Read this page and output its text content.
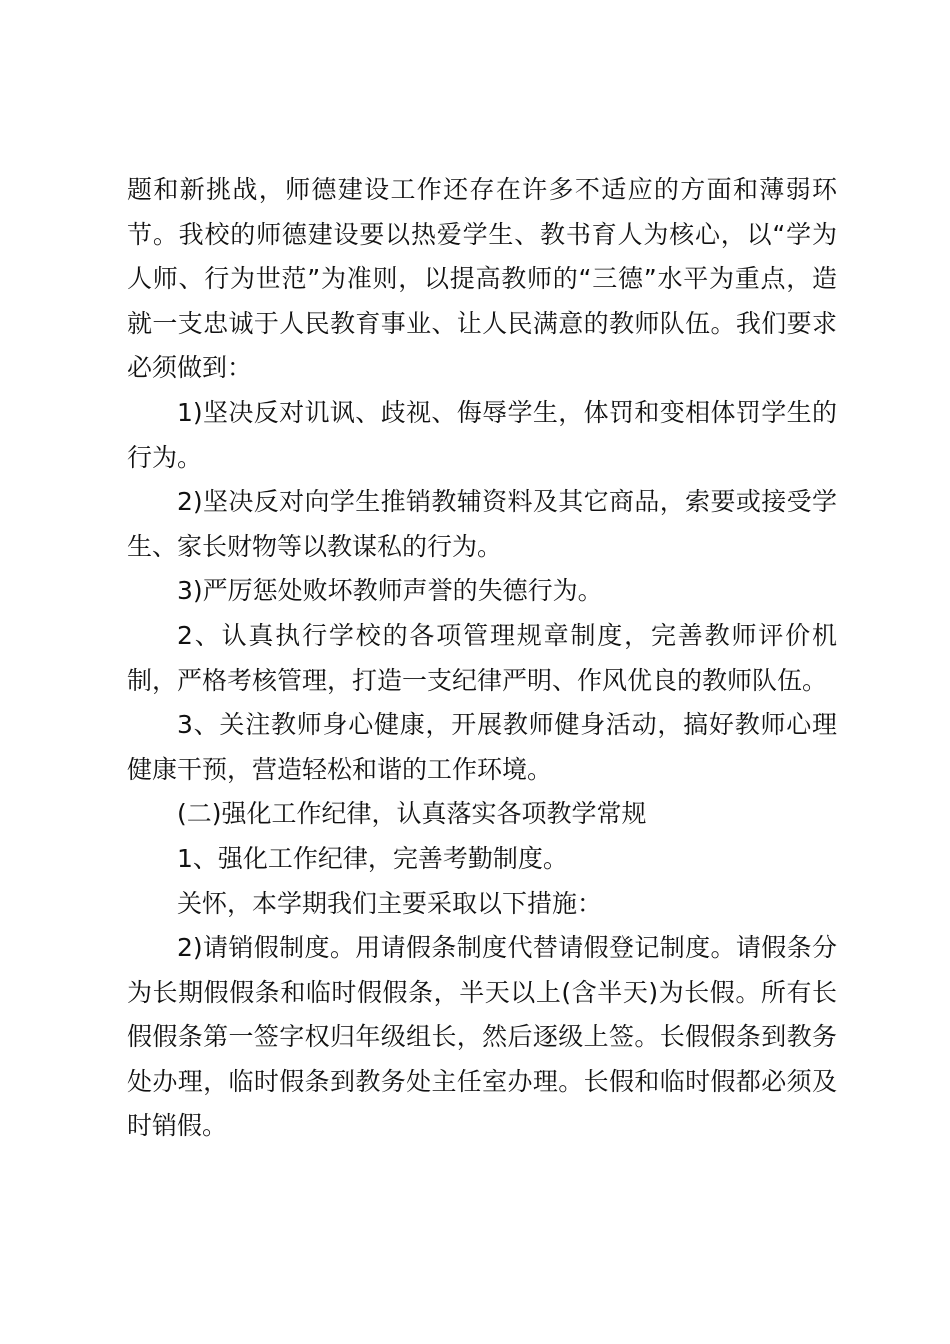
题和新挑战，师德建设工作还存在许多不适应的方面和薄弱环节。我校的师德建设要以热爱学生、教书育人为核心，以“学为人师、行为世范”为准则，以提高教师的“三德”水平为重点，造就一支忠诚于人民教育事业、让人民满意的教师队伍。我们要求必须做到：

1)坚决反对讥讽、歧视、侮辱学生，体罚和变相体罚学生的行为。

2)坚决反对向学生推销教辅资料及其它商品，索要或接受学生、家长财物等以教谋私的行为。

3)严厉惩处败坏教师声誉的失德行为。

2、认真执行学校的各项管理规章制度，完善教师评价机制，严格考核管理，打造一支纪律严明、作风优良的教师队伍。

3、关注教师身心健康，开展教师健身活动，搞好教师心理健康干预，营造轻松和谐的工作环境。

(二)强化工作纪律，认真落实各项教学常规

1、强化工作纪律，完善考勤制度。

关怀，本学期我们主要采取以下措施：

2)请销假制度。用请假条制度代替请假登记制度。请假条分为长期假假条和临时假假条，半天以上(含半天)为长假。所有长假假条第一签字权归年级组长，然后逐级上签。长假假条到教务处办理，临时假条到教务处主任室办理。长假和临时假都必须及时销假。
